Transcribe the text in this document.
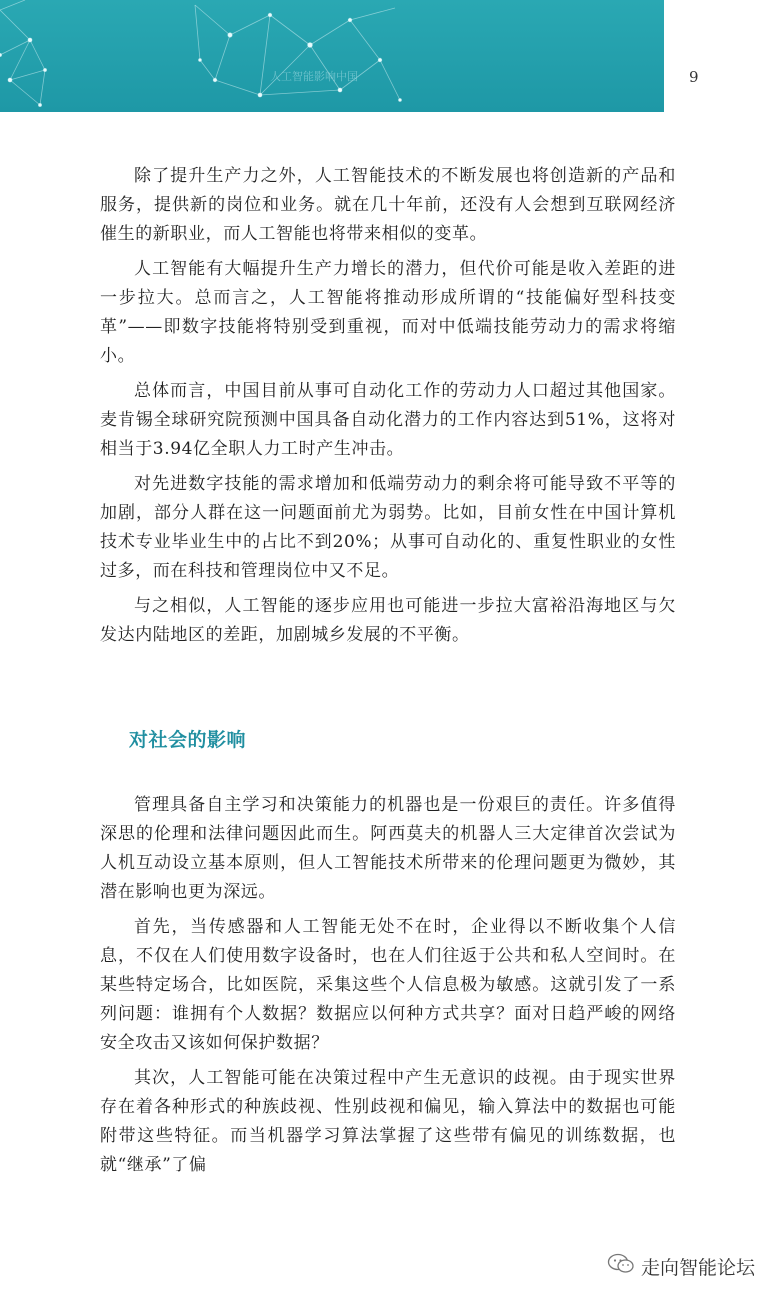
人工智能影响中国	9

除了提升生产力之外，人工智能技术的不断发展也将创造新的产品和服务，提供新的岗位和业务。就在几十年前，还没有人会想到互联网经济催生的新职业，而人工智能也将带来相似的变革。

人工智能有大幅提升生产力增长的潜力，但代价可能是收入差距的进一步拉大。总而言之，人工智能将推动形成所谓的“技能偏好型科技变革”——即数字技能将特别受到重视，而对中低端技能劳动力的需求将缩小。

总体而言，中国目前从事可自动化工作的劳动力人口超过其他国家。麦肯锡全球研究院预测中国具备自动化潜力的工作内容达到51%，这将对相当于3.94亿全职人力工时产生冲击。

对先进数字技能的需求增加和低端劳动力的剩余将可能导致不平等的加剧，部分人群在这一问题面前尤为弱势。比如，目前女性在中国计算机技术专业毕业生中的占比不到20%；从事可自动化的、重复性职业的女性过多，而在科技和管理岗位中又不足。

与之相似，人工智能的逐步应用也可能进一步拉大富裕沿海地区与欠发达内陆地区的差距，加剧城乡发展的不平衡。

对社会的影响

管理具备自主学习和决策能力的机器也是一份艰巨的责任。许多值得深思的伦理和法律问题因此而生。阿西莫夫的机器人三大定律首次尝试为人机互动设立基本原则，但人工智能技术所带来的伦理问题更为微妙，其潜在影响也更为深远。

首先，当传感器和人工智能无处不在时，企业得以不断收集个人信息，不仅在人们使用数字设备时，也在人们往返于公共和私人空间时。在某些特定场合，比如医院，采集这些个人信息极为敏感。这就引发了一系列问题：谁拥有个人数据？数据应以何种方式共享？面对日趋严峻的网络安全攻击又该如何保护数据？

其次，人工智能可能在决策过程中产生无意识的歧视。由于现实世界存在着各种形式的种族歧视、性别歧视和偏见，输入算法中的数据也可能附带这些特征。而当机器学习算法掌握了这些带有偏见的训练数据，也就“继承”了偏

走向智能论坛
